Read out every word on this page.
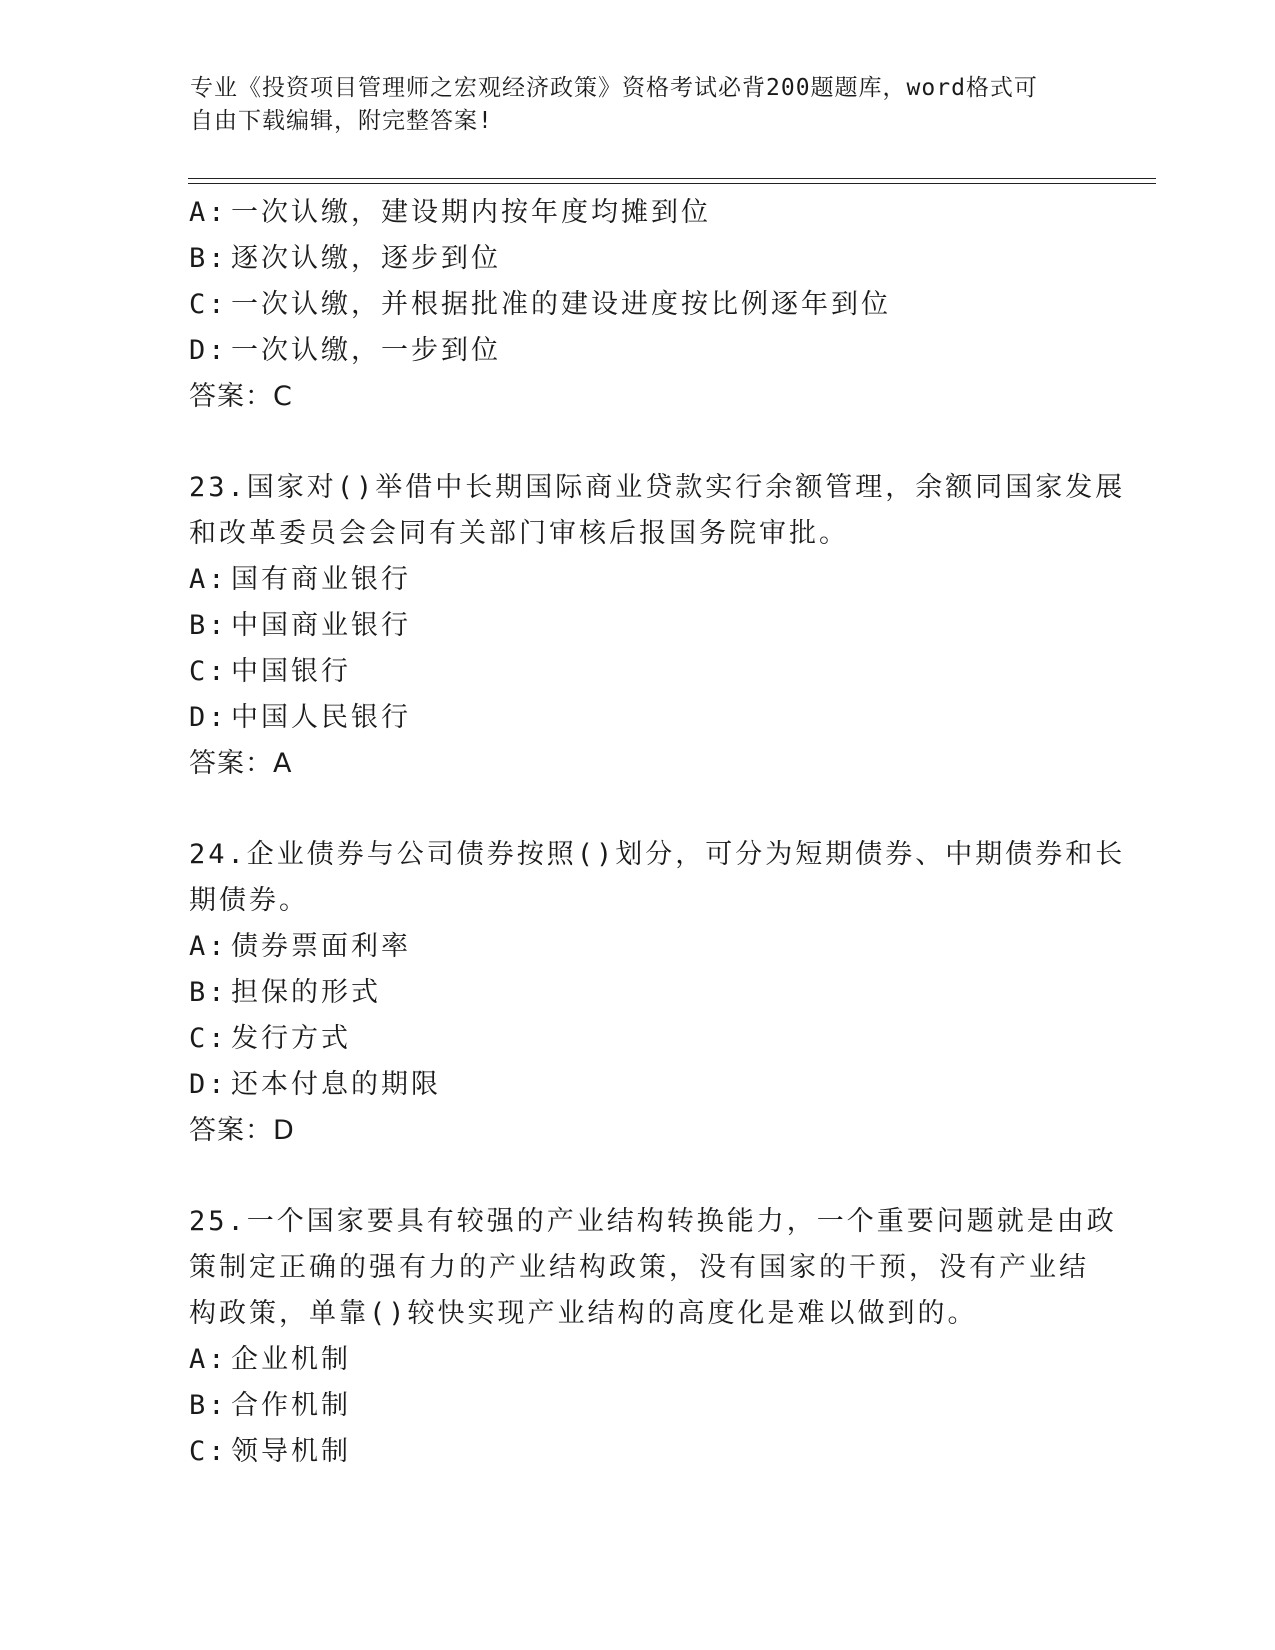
专业《投资项目管理师之宏观经济政策》资格考试必背200题题库，word格式可
自由下载编辑，附完整答案!
A: 一次认缴，建设期内按年度均摊到位
B: 逐次认缴，逐步到位
C: 一次认缴，并根据批准的建设进度按比例逐年到位
D: 一次认缴，一步到位
答案：C
23.国家对()举借中长期国际商业贷款实行余额管理，余额同国家发展
和改革委员会会同有关部门审核后报国务院审批。
A: 国有商业银行
B: 中国商业银行
C: 中国银行
D: 中国人民银行
答案：A
24.企业债券与公司债券按照()划分，可分为短期债券、中期债券和长
期债券。
A: 债券票面利率
B: 担保的形式
C: 发行方式
D: 还本付息的期限
答案：D
25.一个国家要具有较强的产业结构转换能力，一个重要问题就是由政
策制定正确的强有力的产业结构政策，没有国家的干预，没有产业结
构政策，单靠()较快实现产业结构的高度化是难以做到的。
A: 企业机制
B: 合作机制
C: 领导机制
